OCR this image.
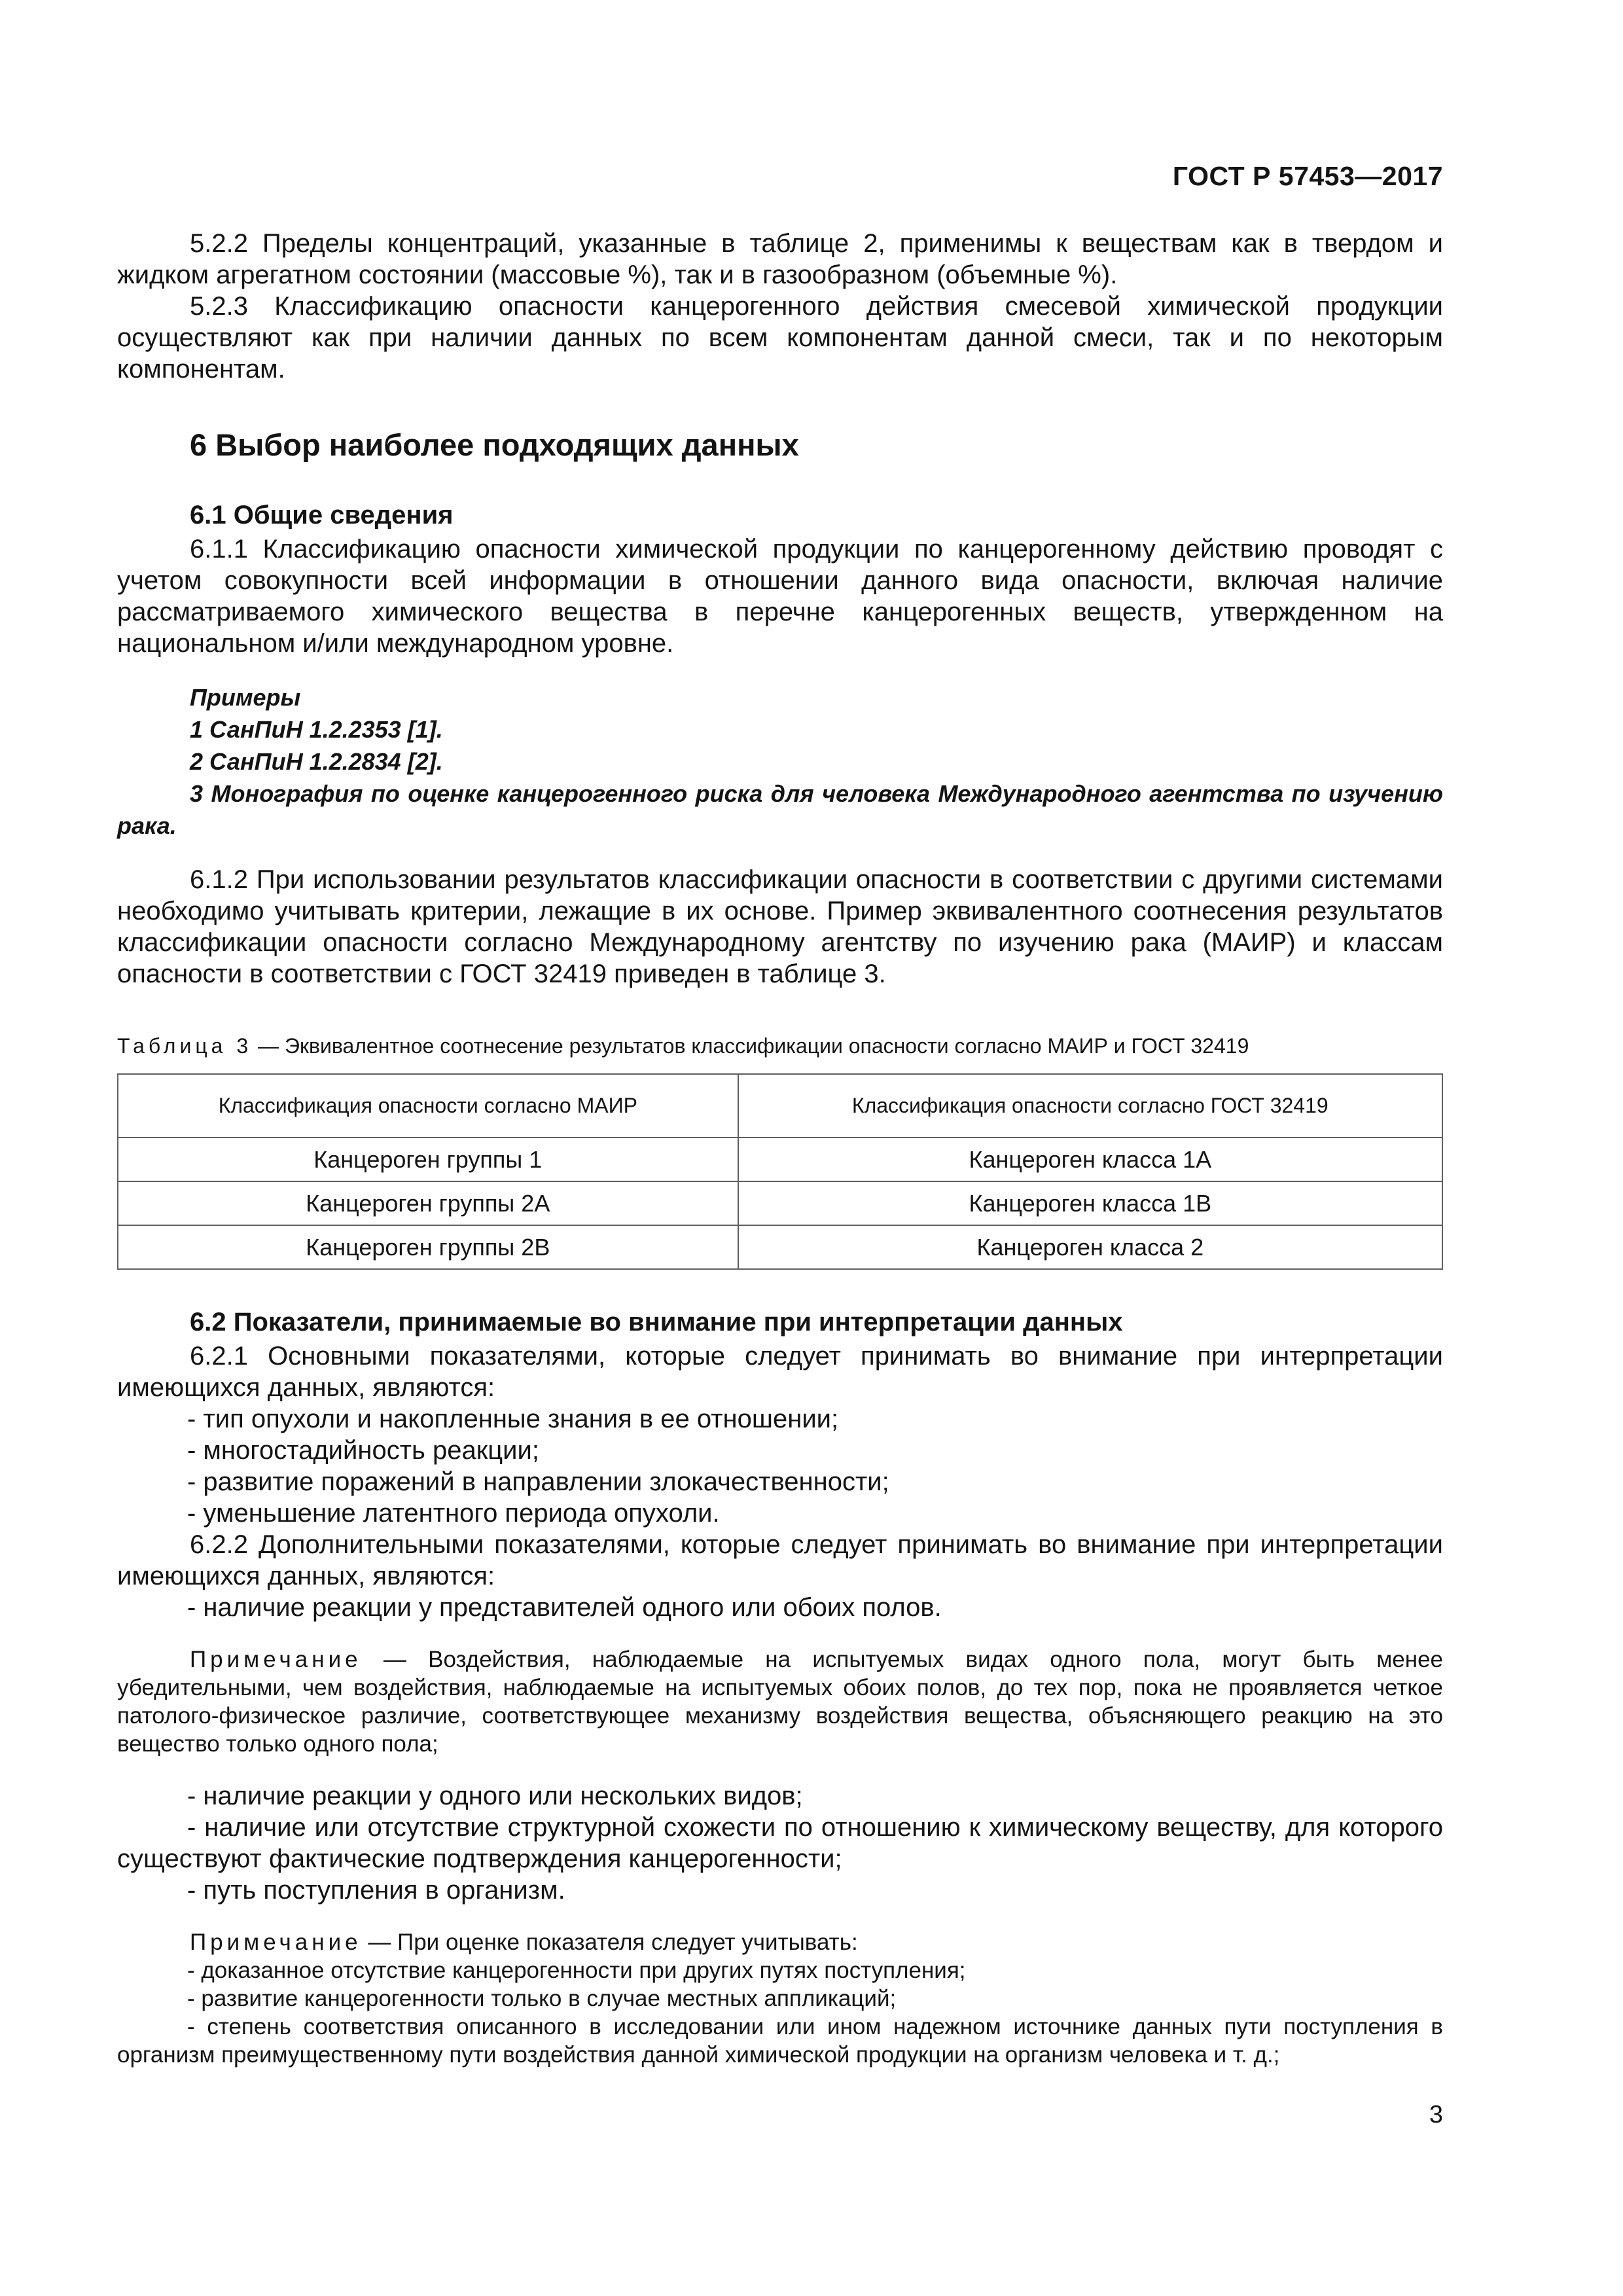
ГОСТ Р 57453—2017

5.2.2 Пределы концентраций, указанные в таблице 2, применимы к веществам как в твердом и жидком агрегатном состоянии (массовые %), так и в газообразном (объемные %).

5.2.3 Классификацию опасности канцерогенного действия смесевой химической продукции осуществляют как при наличии данных по всем компонентам данной смеси, так и по некоторым компонентам.

6 Выбор наиболее подходящих данных

6.1 Общие сведения

6.1.1 Классификацию опасности химической продукции по канцерогенному действию проводят с учетом совокупности всей информации в отношении данного вида опасности, включая наличие рассматриваемого химического вещества в перечне канцерогенных веществ, утвержденном на национальном и/или международном уровне.

Примеры

1 СанПиН 1.2.2353 [1].

2 СанПиН 1.2.2834 [2].

3 Монография по оценке канцерогенного риска для человека Международного агентства по изучению рака.

6.1.2 При использовании результатов классификации опасности в соответствии с другими системами необходимо учитывать критерии, лежащие в их основе. Пример эквивалентного соотнесения результатов классификации опасности согласно Международному агентству по изучению рака (МАИР) и классам опасности в соответствии с ГОСТ 32419 приведен в таблице 3.

Таблица 3 — Эквивалентное соотнесение результатов классификации опасности согласно МАИР и ГОСТ 32419

Классификация опасности согласно МАИР	Классификация опасности согласно ГОСТ 32419
Канцероген группы 1	Канцероген класса 1А
Канцероген группы 2А	Канцероген класса 1В
Канцероген группы 2В	Канцероген класса 2

6.2 Показатели, принимаемые во внимание при интерпретации данных

6.2.1 Основными показателями, которые следует принимать во внимание при интерпретации имеющихся данных, являются:

- тип опухоли и накопленные знания в ее отношении;

- многостадийность реакции;

- развитие поражений в направлении злокачественности;

- уменьшение латентного периода опухоли.

6.2.2 Дополнительными показателями, которые следует принимать во внимание при интерпретации имеющихся данных, являются:

- наличие реакции у представителей одного или обоих полов.

Примечание — Воздействия, наблюдаемые на испытуемых видах одного пола, могут быть менее убедительными, чем воздействия, наблюдаемые на испытуемых обоих полов, до тех пор, пока не проявляется четкое патолого-физическое различие, соответствующее механизму воздействия вещества, объясняющего реакцию на это вещество только одного пола;

- наличие реакции у одного или нескольких видов;

- наличие или отсутствие структурной схожести по отношению к химическому веществу, для которого существуют фактические подтверждения канцерогенности;

- путь поступления в организм.

Примечание — При оценке показателя следует учитывать:

- доказанное отсутствие канцерогенности при других путях поступления;

- развитие канцерогенности только в случае местных аппликаций;

- степень соответствия описанного в исследовании или ином надежном источнике данных пути поступления в организм преимущественному пути воздействия данной химической продукции на организм человека и т. д.;

3
